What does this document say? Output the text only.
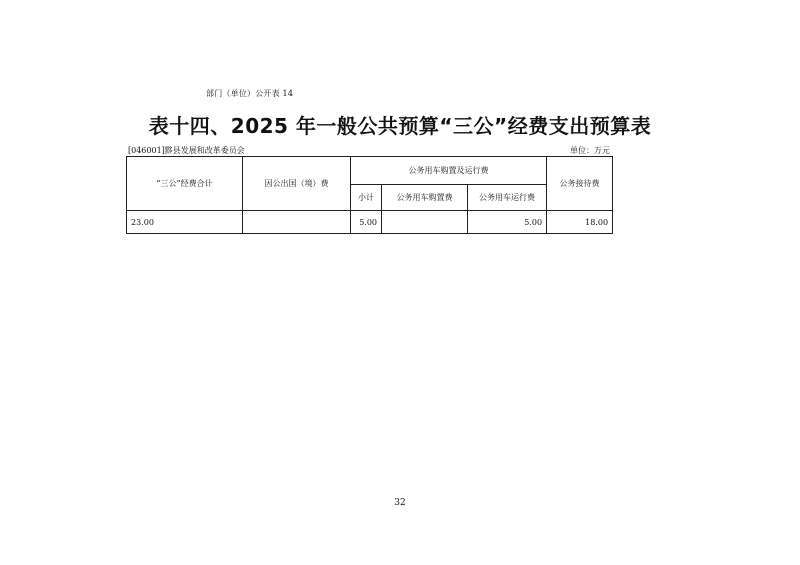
部门（单位）公开表 14
表十四、2025 年一般公共预算“三公”经费支出预算表
[046001]黟县发展和改革委员会	单位：万元
“三公”经费合计	因公出国（境）费	公务用车购置及运行费			公务接待费
		小计	公务用车购置费	公务用车运行费	
23.00		5.00		5.00	18.00
32
